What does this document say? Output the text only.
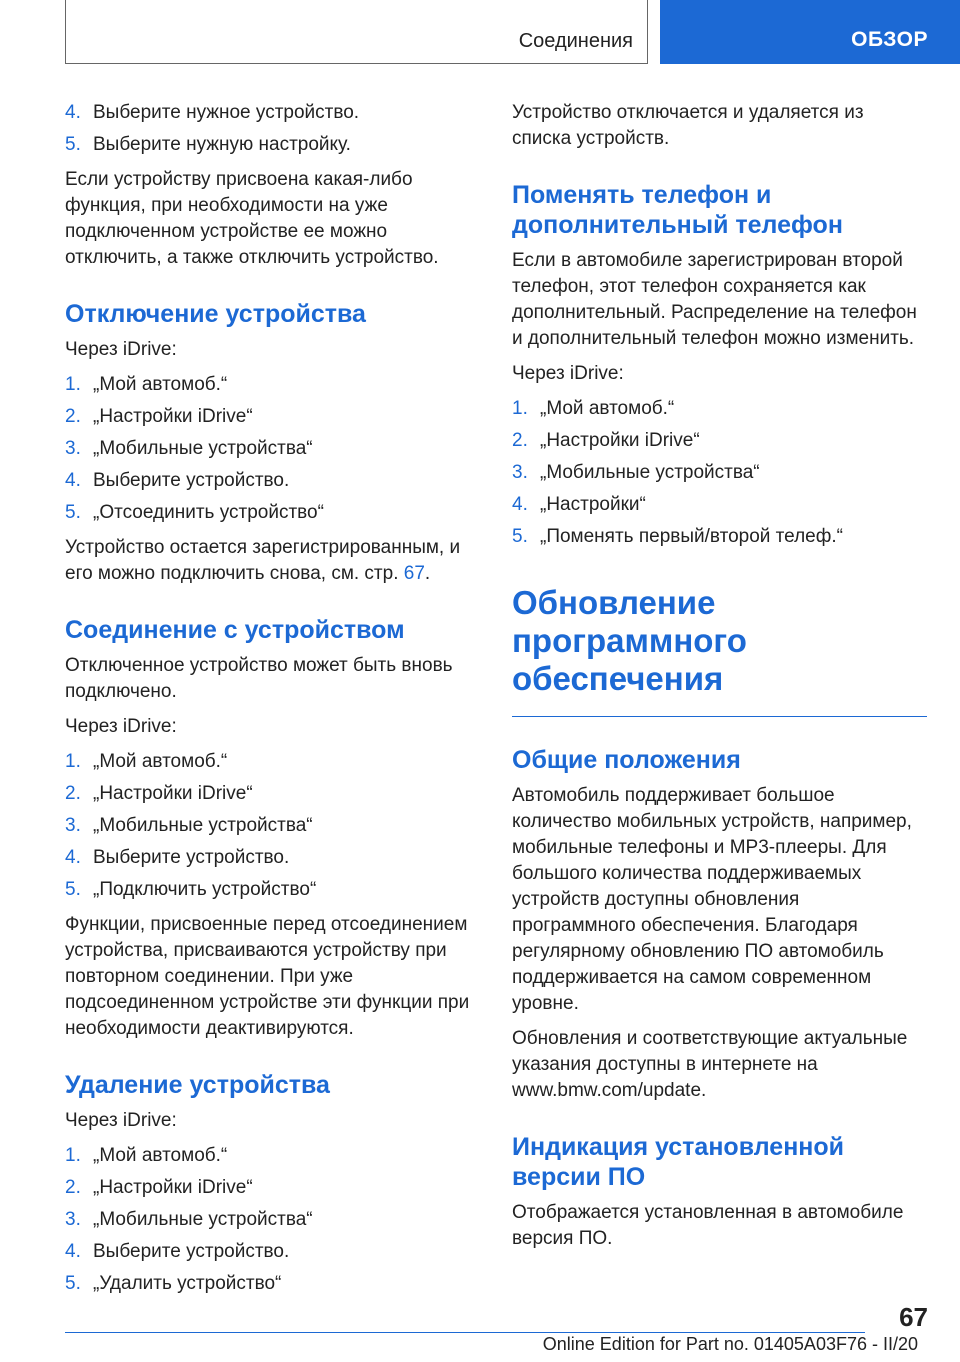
Соединения	ОБЗОР
4. Выберите нужное устройство.
5. Выберите нужную настройку.

Если устройству присвоена какая-либо функция, при необходимости на уже подключенном устройстве ее можно отключить, а также отключить устройство.

Отключение устройства

Через iDrive:

1. „Мой автомоб.“
2. „Настройки iDrive“
3. „Мобильные устройства“
4. Выберите устройство.
5. „Отсоединить устройство“

Устройство остается зарегистрированным, и его можно подключить снова, см. стр. 67.

Соединение с устройством

Отключенное устройство может быть вновь подключено.

Через iDrive:

1. „Мой автомоб.“
2. „Настройки iDrive“
3. „Мобильные устройства“
4. Выберите устройство.
5. „Подключить устройство“

Функции, присвоенные перед отсоединением устройства, присваиваются устройству при повторном соединении. При уже подсоединенном устройстве эти функции при необходимости деактивируются.

Удаление устройства

Через iDrive:

1. „Мой автомоб.“
2. „Настройки iDrive“
3. „Мобильные устройства“
4. Выберите устройство.
5. „Удалить устройство“

Устройство отключается и удаляется из списка устройств.

Поменять телефон и дополнительный телефон

Если в автомобиле зарегистрирован второй телефон, этот телефон сохраняется как дополнительный. Распределение на телефон и дополнительный телефон можно изменить.

Через iDrive:

1. „Мой автомоб.“
2. „Настройки iDrive“
3. „Мобильные устройства“
4. „Настройки“
5. „Поменять первый/второй телеф.“
Обновление программного обеспечения
Общие положения

Автомобиль поддерживает большое количество мобильных устройств, например, мобильные телефоны и MP3-плееры. Для большого количества поддерживаемых устройств доступны обновления программного обеспечения. Благодаря регулярному обновлению ПО автомобиль поддерживается на самом современном уровне.

Обновления и соответствующие актуальные указания доступны в интернете на www.bmw.com/update.

Индикация установленной версии ПО

Отображается установленная в автомобиле версия ПО.

67
Online Edition for Part no. 01405A03F76 - II/20
